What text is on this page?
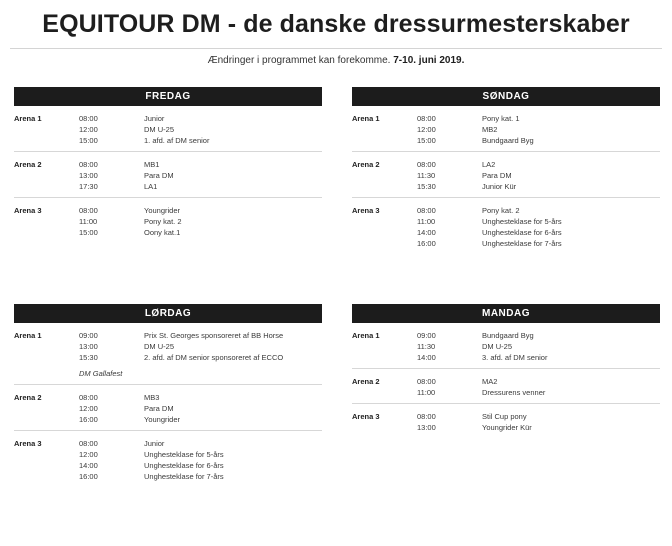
EQUITOUR DM - de danske dressurmesterskaber
Ændringer i programmet kan forekomme. 7-10. juni 2019.
FREDAG
Arena 1	08:00	Junior
12:00	DM U-25
15:00	1. afd. af DM senior
Arena 2	08:00	MB1
13:00	Para DM
17:30	LA1
Arena 3	08:00	Youngrider
11:00	Pony kat. 2
15:00	Oony kat.1
SØNDAG
Arena 1	08:00	Pony kat. 1
12:00	MB2
15:00	Bundgaard Byg
Arena 2	08:00	LA2
11:30	Para DM
15:30	Junior Kür
Arena 3	08:00	Pony kat. 2
11:00	Unghesteklase for 5-års
14:00	Unghesteklase for 6-års
16:00	Unghesteklase for 7-års
LØRDAG
Arena 1	09:00	Prix St. Georges sponsoreret af BB Horse
13:00	DM U-25
15:30	2. afd. af DM senior sponsoreret af ECCO
DM Gallafest
Arena 2	08:00	MB3
12:00	Para DM
16:00	Youngrider
Arena 3	08:00	Junior
12:00	Unghesteklase for 5-års
14:00	Unghesteklase for 6-års
16:00	Unghesteklase for 7-års
MANDAG
Arena 1	09:00	Bundgaard Byg
11:30	DM U-25
14:00	3. afd. af DM senior
Arena 2	08:00	MA2
11:00	Dressurens venner
Arena 3	08:00	Stil Cup pony
13:00	Youngrider Kür
